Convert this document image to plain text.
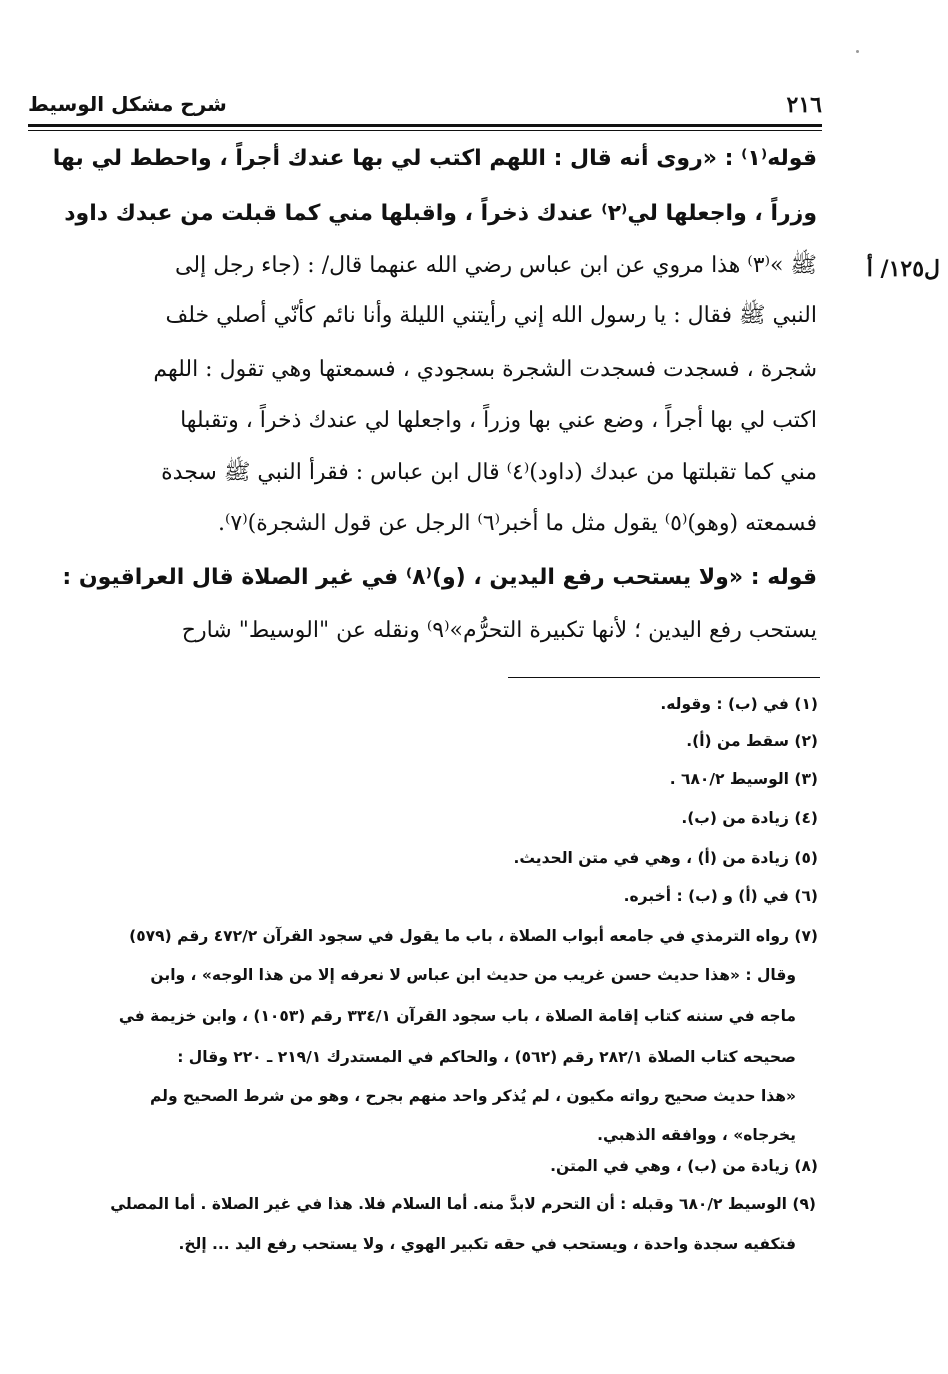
٢١٦
شرح مشكل الوسيط
ل١٢٥/ أ
قوله⁽١⁾ : «روى أنه قال : اللهم اكتب لي بها عندك أجراً ، واحطط لي بها
وزراً ، واجعلها لي⁽٢⁾ عندك ذخراً ، واقبلها مني كما قبلت من عبدك داود
ﷺ »⁽٣⁾ هذا مروي عن ابن عباس رضي الله عنهما قال/ : (جاء رجل إلى
النبي ﷺ فقال : يا رسول الله إني رأيتني الليلة وأنا نائم كأنّي أصلي خلف
شجرة ، فسجدت فسجدت الشجرة بسجودي ، فسمعتها وهي تقول : اللهم
اكتب لي بها أجراً ، وضع عني بها وزراً ، واجعلها لي عندك ذخراً ، وتقبلها
مني كما تقبلتها من عبدك (داود)⁽٤⁾ قال ابن عباس : فقرأ النبي ﷺ سجدة
فسمعته (وهو)⁽٥⁾ يقول مثل ما أخبر⁽٦⁾ الرجل عن قول الشجرة)⁽٧⁾.
قوله : «ولا يستحب رفع اليدين ، (و)⁽٨⁾ في غير الصلاة قال العراقيون :
يستحب رفع اليدين ؛ لأنها تكبيرة التحرُّم»⁽٩⁾ ونقله عن "الوسيط" شارح
(١) في (ب) : وقوله.
(٢) سقط من (أ).
(٣) الوسيط ٦٨٠/٢ .
(٤) زيادة من (ب).
(٥) زيادة من (أ) ، وهي في متن الحديث.
(٦) في (أ) و (ب) : أخبره.
(٧) رواه الترمذي في جامعه أبواب الصلاة ، باب ما يقول في سجود القرآن ٤٧٢/٢ رقم (٥٧٩)
وقال : «هذا حديث حسن غريب من حديث ابن عباس لا نعرفه إلا من هذا الوجه» ، وابن
ماجه في سننه كتاب إقامة الصلاة ، باب سجود القرآن ٣٣٤/١ رقم (١٠٥٣) ، وابن خزيمة في
صحيحه كتاب الصلاة ٢٨٢/١ رقم (٥٦٢) ، والحاكم في المستدرك ٢١٩/١ ـ ٢٢٠ وقال :
«هذا حديث صحيح رواته مكيون ، لم يُذكر واحد منهم بجرح ، وهو من شرط الصحيح ولم
يخرجاه» ، ووافقه الذهبي.
(٨) زيادة من (ب) ، وهي في المتن.
(٩) الوسيط ٦٨٠/٢ وقبله : أن التحرم لابدَّ منه. أما السلام فلا. هذا في غير الصلاة . أما المصلي
فتكفيه سجدة واحدة ، ويستحب في حقه تكبير الهوي ، ولا يستحب رفع اليد ... إلخ.
